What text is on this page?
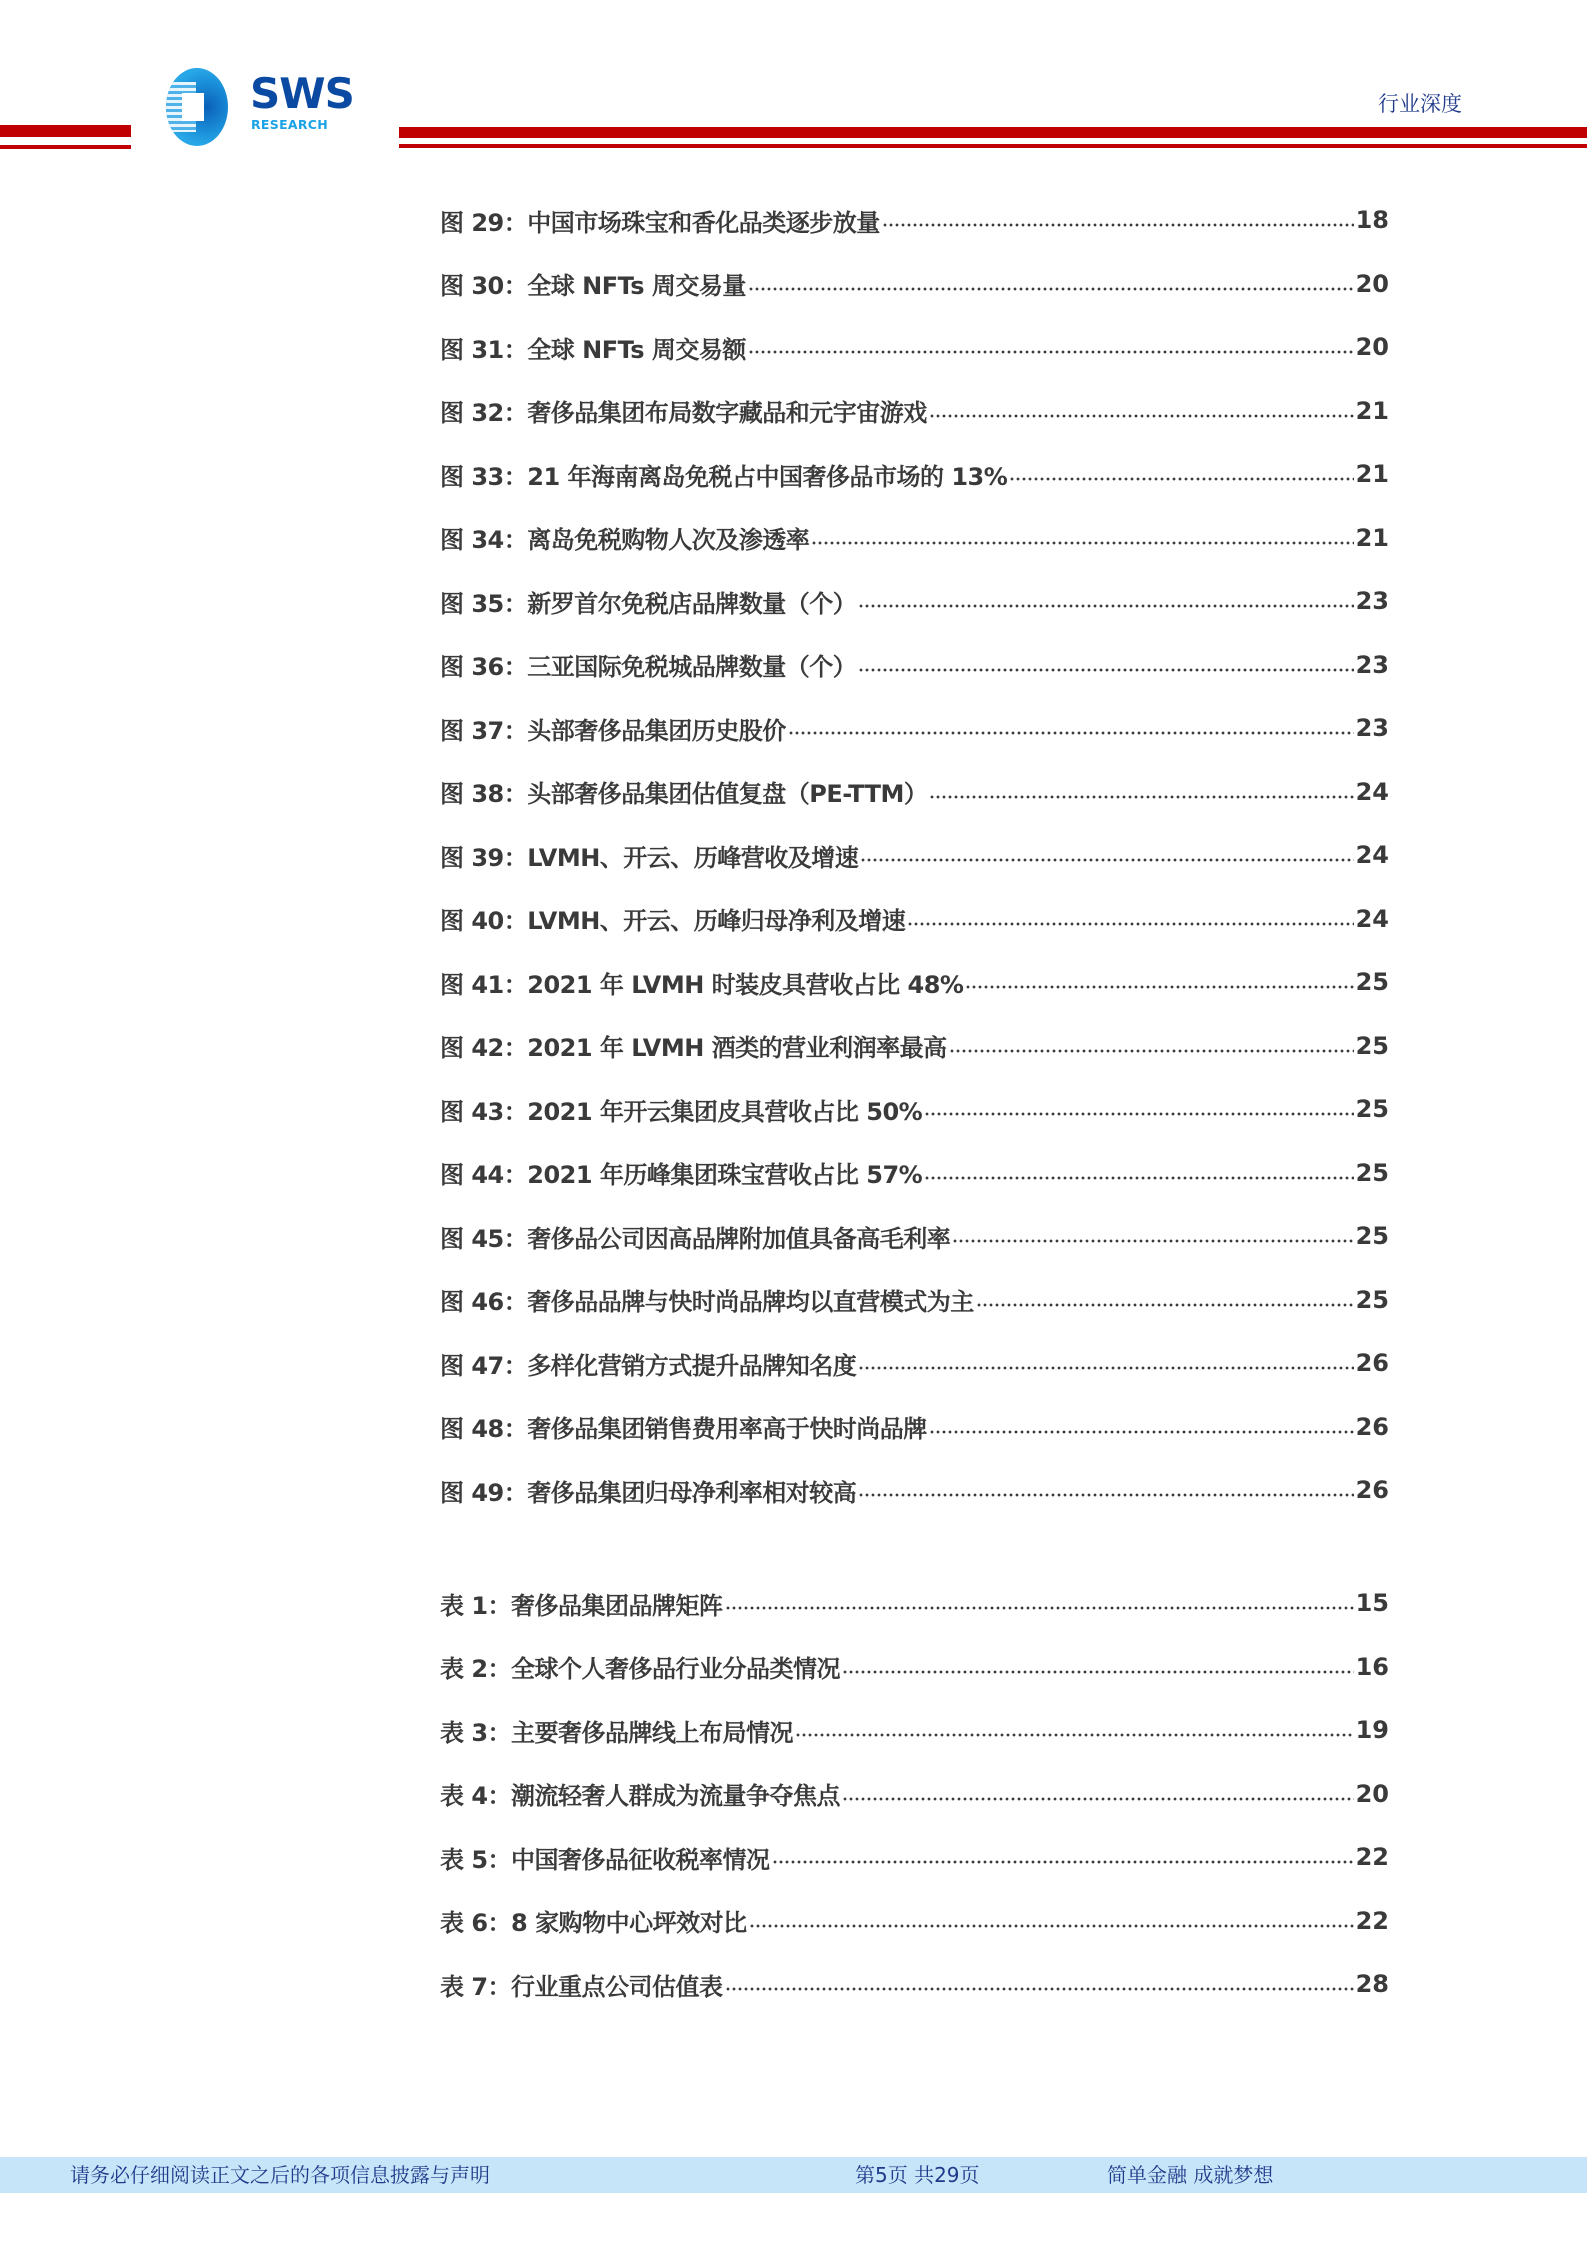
SWS
RESEARCH
行业深度
图 29：中国市场珠宝和香化品类逐步放量	18
图 30：全球 NFTs 周交易量	20
图 31：全球 NFTs 周交易额	20
图 32：奢侈品集团布局数字藏品和元宇宙游戏	21
图 33：21 年海南离岛免税占中国奢侈品市场的 13%	21
图 34：离岛免税购物人次及渗透率	21
图 35：新罗首尔免税店品牌数量（个）	23
图 36：三亚国际免税城品牌数量（个）	23
图 37：头部奢侈品集团历史股价	23
图 38：头部奢侈品集团估值复盘（PE-TTM）	24
图 39：LVMH、开云、历峰营收及增速	24
图 40：LVMH、开云、历峰归母净利及增速	24
图 41：2021 年 LVMH 时装皮具营收占比 48%	25
图 42：2021 年 LVMH 酒类的营业利润率最高	25
图 43：2021 年开云集团皮具营收占比 50%	25
图 44：2021 年历峰集团珠宝营收占比 57%	25
图 45：奢侈品公司因高品牌附加值具备高毛利率	25
图 46：奢侈品品牌与快时尚品牌均以直营模式为主	25
图 47：多样化营销方式提升品牌知名度	26
图 48：奢侈品集团销售费用率高于快时尚品牌	26
图 49：奢侈品集团归母净利率相对较高	26
表 1：奢侈品集团品牌矩阵	15
表 2：全球个人奢侈品行业分品类情况	16
表 3：主要奢侈品牌线上布局情况	19
表 4：潮流轻奢人群成为流量争夺焦点	20
表 5：中国奢侈品征收税率情况	22
表 6：8 家购物中心坪效对比	22
表 7：行业重点公司估值表	28
请务必仔细阅读正文之后的各项信息披露与声明	第5页 共29页	简单金融 成就梦想
